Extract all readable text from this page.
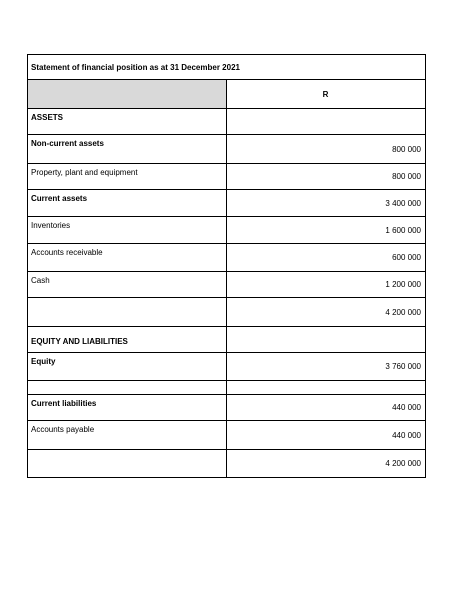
Statement of financial position as at 31 December 2021	
	R
ASSETS	
Non-current assets	800 000
Property, plant and equipment	800 000
Current assets	3 400 000
Inventories	1 600 000
Accounts receivable	600 000
Cash	1 200 000
	4 200 000
EQUITY AND LIABILITIES	
Equity	3 760 000

Current liabilities	440 000
Accounts payable	440 000
	4 200 000
